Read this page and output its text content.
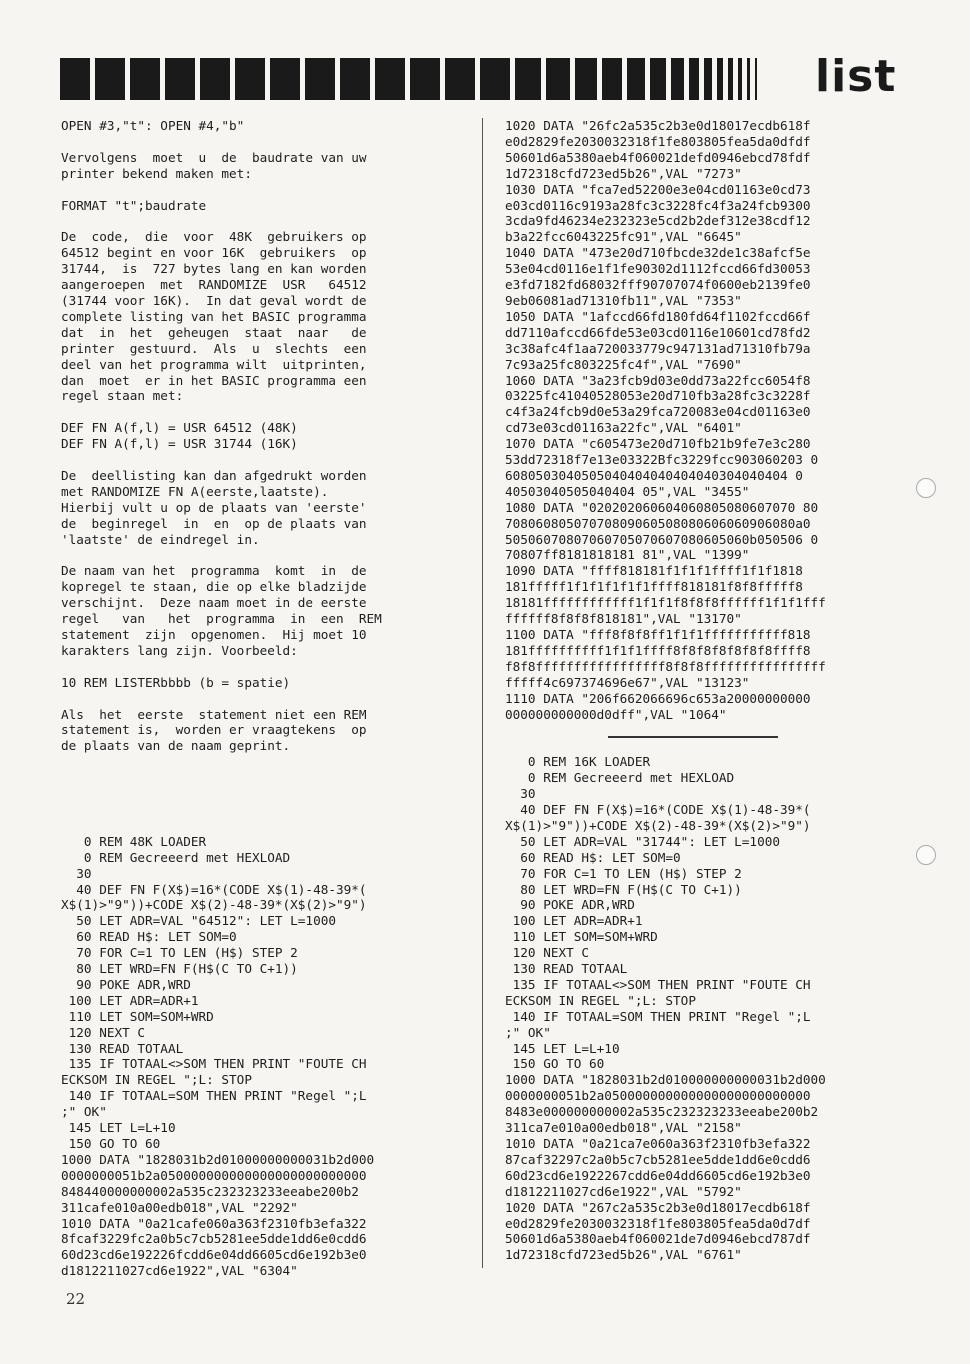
list
OPEN #3,"t": OPEN #4,"b"

Vervolgens  moet  u  de  baudrate van uw
printer bekend maken met:

FORMAT "t";baudrate

De  code,  die  voor  48K  gebruikers op
64512 begint en voor 16K  gebruikers  op
31744,  is  727 bytes lang en kan worden
aangeroepen  met  RANDOMIZE  USR   64512
(31744 voor 16K).  In dat geval wordt de
complete listing van het BASIC programma
dat  in  het  geheugen  staat  naar   de
printer  gestuurd.  Als  u  slechts  een
deel van het programma wilt  uitprinten,
dan  moet  er in het BASIC programma een
regel staan met:

DEF FN A(f,l) = USR 64512 (48K)
DEF FN A(f,l) = USR 31744 (16K)

De  deellisting kan dan afgedrukt worden
met RANDOMIZE FN A(eerste,laatste).
Hierbij vult u op de plaats van 'eerste'
de  beginregel  in  en  op de plaats van
'laatste' de eindregel in.

De naam van het  programma  komt  in  de
kopregel te staan, die op elke bladzijde
verschijnt.  Deze naam moet in de eerste
regel   van   het  programma  in  een  REM
statement  zijn  opgenomen.  Hij moet 10
karakters lang zijn. Voorbeeld:

10 REM LISTERbbbb (b = spatie)

Als  het  eerste  statement niet een REM
statement is,  worden er vraagtekens  op
de plaats van de naam geprint.

0 REM 48K LOADER
0 REM Gecreeerd met HEXLOAD
30
40 DEF FN F(X$)=16*(CODE X$(1)-48-39*(
X$(1)>"9"))+CODE X$(2)-48-39*(X$(2)>"9")
50 LET ADR=VAL "64512": LET L=1000
60 READ H$: LET SOM=0
70 FOR C=1 TO LEN (H$) STEP 2
80 LET WRD=FN F(H$(C TO C+1))
90 POKE ADR,WRD
100 LET ADR=ADR+1
110 LET SOM=SOM+WRD
120 NEXT C
130 READ TOTAAL
135 IF TOTAAL<>SOM THEN PRINT "FOUTE CH
ECKSOM IN REGEL ";L: STOP
140 IF TOTAAL=SOM THEN PRINT "Regel ";L
;" OK"
145 LET L=L+10
150 GO TO 60
1000 DATA "1828031b2d01000000000031b2d000
0000000051b2a050000000000000000000000000
848440000000002a535c232323233eeabe200b2
311cafe010a00edb018",VAL "2292"
1010 DATA "0a21cafe060a363f2310fb3efa322
8fcaf3229fc2a0b5c7cb5281ee5dde1dd6e0cdd6
60d23cd6e192226fcdd6e04dd6605cd6e192b3e0
d1812211027cd6e1922",VAL "6304"
1020 DATA "26fc2a535c2b3e0d18017ecdb618f
e0d2829fe2030032318f1fe803805fea5da0dfdf
50601d6a5380aeb4f060021defd0946ebcd78fdf
1d72318cfd723ed5b26",VAL "7273"
1030 DATA "fca7ed52200e3e04cd01163e0cd73
e03cd0116c9193a28fc3c3228fc4f3a24fcb9300
3cda9fd46234e232323e5cd2b2def312e38cdf12
b3a22fcc6043225fc91",VAL "6645"
1040 DATA "473e20d710fbcde32de1c38afcf5e
53e04cd0116e1f1fe90302d1112fccd66fd30053
e3fd7182fd68032fff90707074f0600eb2139fe0
9eb06081ad71310fb11",VAL "7353"
1050 DATA "1afccd66fd180fd64f1102fccd66f
dd7110afccd66fde53e03cd0116e10601cd78fd2
3c38afc4f1aa720033779c947131ad71310fb79a
7c93a25fc803225fc4f",VAL "7690"
1060 DATA "3a23fcb9d03e0dd73a22fcc6054f8
03225fc41040528053e20d710fb3a28fc3c3228f
c4f3a24fcb9d0e53a29fca720083e04cd01163e0
cd73e03cd01163a22fc",VAL "6401"
1070 DATA "c605473e20d710fb21b9fe7e3c280
53dd72318f7e13e03322Bfc3229fcc903060203 0
6080503040505040404040404040304040404 0
40503040505040404 05",VAL "3455"
1080 DATA "020202060604060805080607070 80
70806080507070809060508080606060906080a0
50506070807060705070607080605060b050506 0
70807ff8181818181 81",VAL "1399"
1090 DATA "ffff818181f1f1f1ffff1f1f1818
181fffff1f1f1f1f1f1ffff818181f8f8fffff8
18181ffffffffffff1f1f1f8f8f8ffffff1f1f1fff
ffffff8f8f8f818181",VAL "13170"
1100 DATA "fff8f8f8ff1f1f1fffffffffff818
181ffffffffff1f1f1ffff8f8f8f8f8f8f8ffff8
f8f8fffffffffffffffff8f8f8ffffffffffffffff
fffff4c697374696e67",VAL "13123"
1110 DATA "206f662066696c653a20000000000
000000000000d0dff",VAL "1064"

0 REM 16K LOADER
0 REM Gecreeerd met HEXLOAD
30
40 DEF FN F(X$)=16*(CODE X$(1)-48-39*(
X$(1)>"9"))+CODE X$(2)-48-39*(X$(2)>"9")
50 LET ADR=VAL "31744": LET L=1000
60 READ H$: LET SOM=0
70 FOR C=1 TO LEN (H$) STEP 2
80 LET WRD=FN F(H$(C TO C+1))
90 POKE ADR,WRD
100 LET ADR=ADR+1
110 LET SOM=SOM+WRD
120 NEXT C
130 READ TOTAAL
135 IF TOTAAL<>SOM THEN PRINT "FOUTE CH
ECKSOM IN REGEL ";L: STOP
140 IF TOTAAL=SOM THEN PRINT "Regel ";L
;" OK"
145 LET L=L+10
150 GO TO 60
1000 DATA "1828031b2d010000000000031b2d000
0000000051b2a050000000000000000000000000
8483e000000000002a535c232323233eeabe200b2
311ca7e010a00edb018",VAL "2158"
1010 DATA "0a21ca7e060a363f2310fb3efa322
87caf32297c2a0b5c7cb5281ee5dde1dd6e0cdd6
60d23cd6e1922267cdd6e04dd6605cd6e192b3e0
d1812211027cd6e1922",VAL "5792"
1020 DATA "267c2a535c2b3e0d18017ecdb618f
e0d2829fe2030032318f1fe803805fea5da0d7df
50601d6a5380aeb4f060021de7d0946ebcd787df
1d72318cfd723ed5b26",VAL "6761"
22
